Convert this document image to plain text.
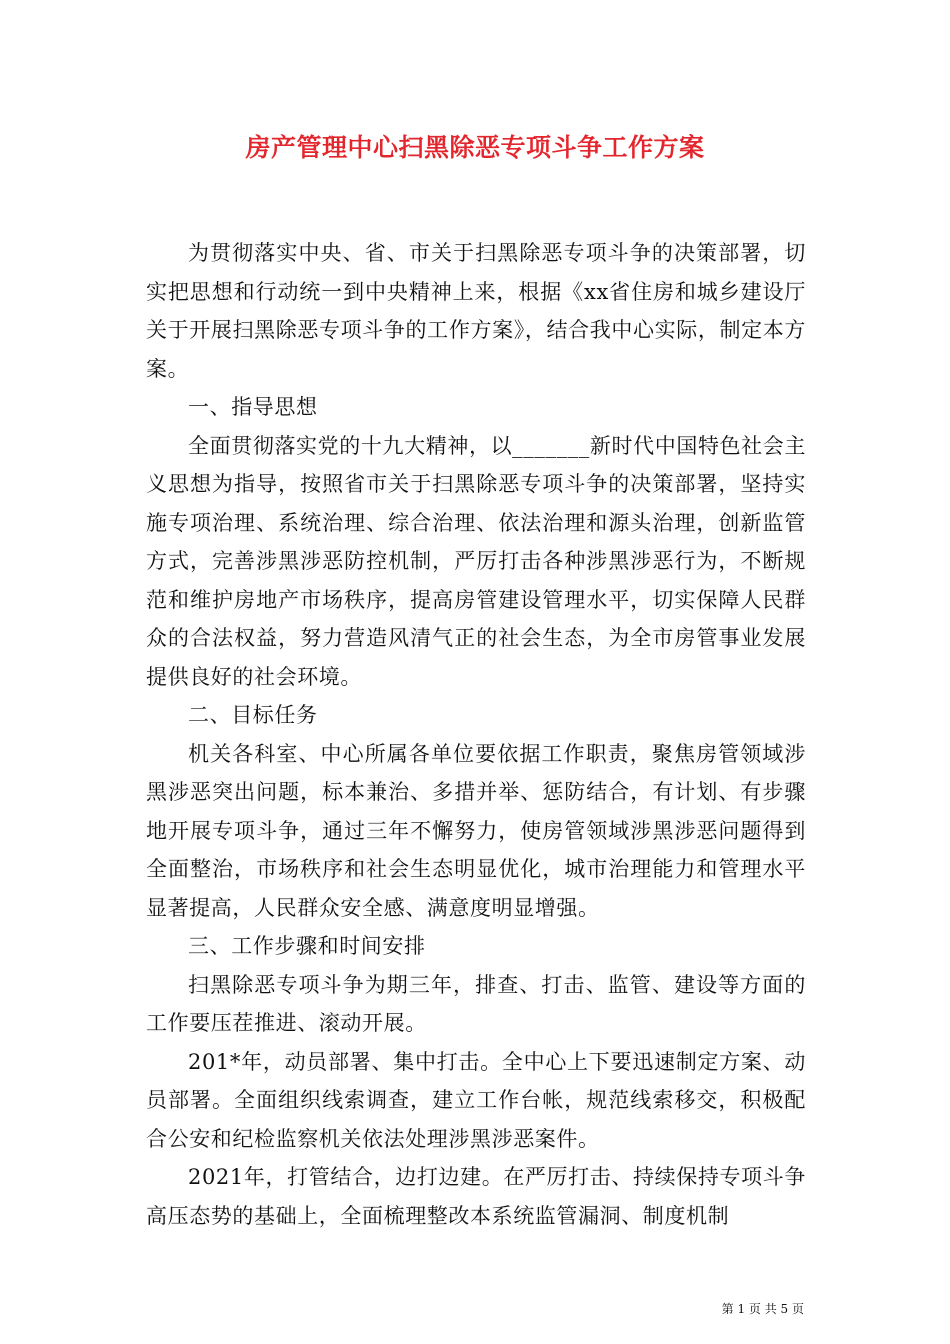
房产管理中心扫黑除恶专项斗争工作方案

为贯彻落实中央、省、市关于扫黑除恶专项斗争的决策部署，切实把思想和行动统一到中央精神上来，根据《xx省住房和城乡建设厅关于开展扫黑除恶专项斗争的工作方案》，结合我中心实际，制定本方案。

一、指导思想

全面贯彻落实党的十九大精神，以_______新时代中国特色社会主义思想为指导，按照省市关于扫黑除恶专项斗争的决策部署，坚持实施专项治理、系统治理、综合治理、依法治理和源头治理，创新监管方式，完善涉黑涉恶防控机制，严厉打击各种涉黑涉恶行为，不断规范和维护房地产市场秩序，提高房管建设管理水平，切实保障人民群众的合法权益，努力营造风清气正的社会生态，为全市房管事业发展提供良好的社会环境。

二、目标任务

机关各科室、中心所属各单位要依据工作职责，聚焦房管领域涉黑涉恶突出问题，标本兼治、多措并举、惩防结合，有计划、有步骤地开展专项斗争，通过三年不懈努力，使房管领域涉黑涉恶问题得到全面整治，市场秩序和社会生态明显优化，城市治理能力和管理水平显著提高，人民群众安全感、满意度明显增强。

三、工作步骤和时间安排

扫黑除恶专项斗争为期三年，排查、打击、监管、建设等方面的工作要压茬推进、滚动开展。

201*年，动员部署、集中打击。全中心上下要迅速制定方案、动员部署。全面组织线索调查，建立工作台帐，规范线索移交，积极配合公安和纪检监察机关依法处理涉黑涉恶案件。

2021年，打管结合，边打边建。在严厉打击、持续保持专项斗争高压态势的基础上，全面梳理整改本系统监管漏洞、制度机制

第 1 页 共 5 页
